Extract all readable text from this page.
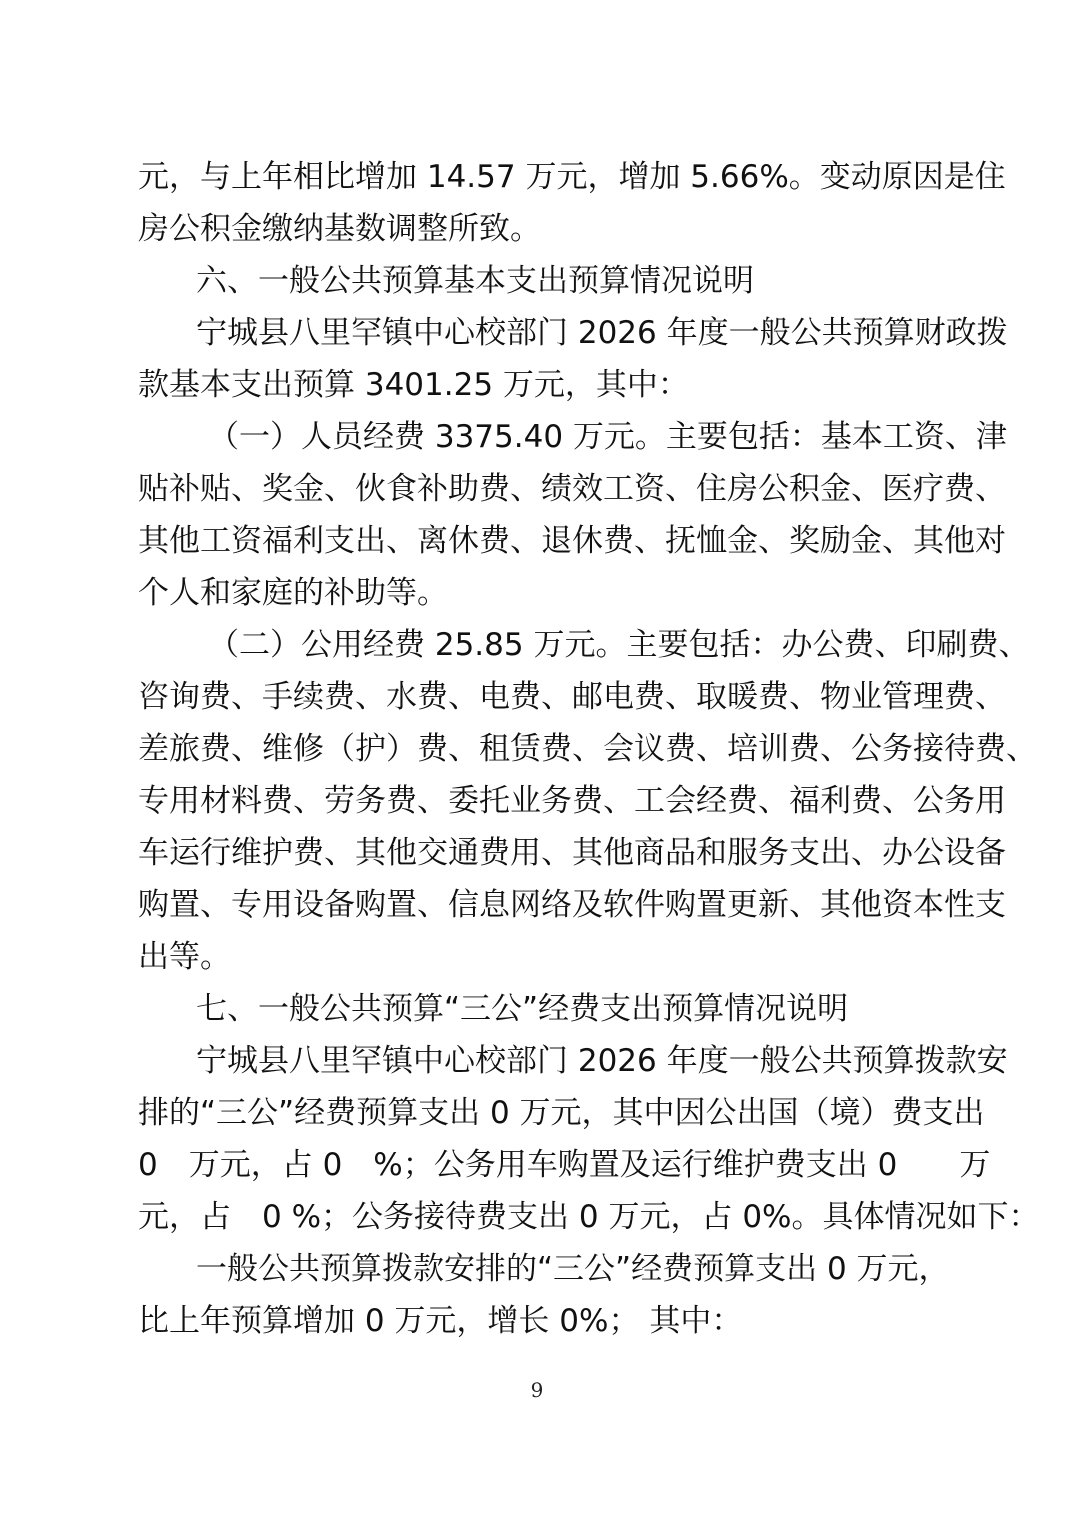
元，与上年相比增加 14.57 万元，增加 5.66%。变动原因是住
房公积金缴纳基数调整所致。
六、一般公共预算基本支出预算情况说明
宁城县八里罕镇中心校部门 2026 年度一般公共预算财政拨
款基本支出预算 3401.25 万元，其中：
（一）人员经费 3375.40 万元。主要包括：基本工资、津
贴补贴、奖金、伙食补助费、绩效工资、住房公积金、医疗费、
其他工资福利支出、离休费、退休费、抚恤金、奖励金、其他对
个人和家庭的补助等。
（二）公用经费 25.85 万元。主要包括：办公费、印刷费、
咨询费、手续费、水费、电费、邮电费、取暖费、物业管理费、
差旅费、维修（护）费、租赁费、会议费、培训费、公务接待费、
专用材料费、劳务费、委托业务费、工会经费、福利费、公务用
车运行维护费、其他交通费用、其他商品和服务支出、办公设备
购置、专用设备购置、信息网络及软件购置更新、其他资本性支
出等。
七、一般公共预算“三公”经费支出预算情况说明
宁城县八里罕镇中心校部门 2026 年度一般公共预算拨款安
排的“三公”经费预算支出 0 万元，其中因公出国（境）费支出
0　万元，占 0　%；公务用车购置及运行维护费支出 0　　万
元，占　0 %；公务接待费支出 0 万元，占 0%。具体情况如下：
一般公共预算拨款安排的“三公”经费预算支出 0 万元，
比上年预算增加 0 万元，增长 0%； 其中：
9
